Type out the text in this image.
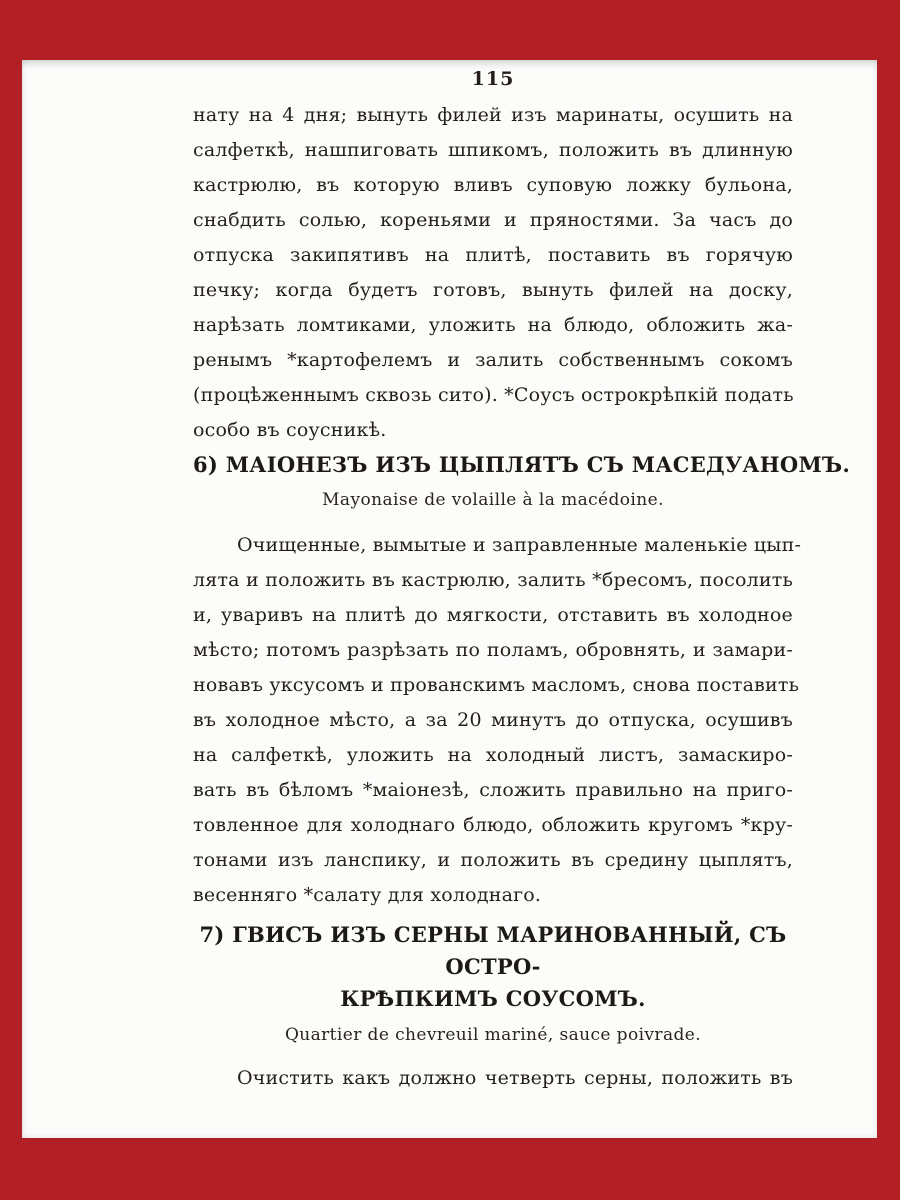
115
нату на 4 дня; вынуть филей изъ маринаты, осушить на
салфеткѣ, нашпиговать шпикомъ, положить въ длинную
кастрюлю, въ которую вливъ суповую ложку бульона,
снабдить солью, кореньями и пряностями. За часъ до
отпуска закипятивъ на плитѣ, поставить въ горячую
печку; когда будетъ готовъ, вынуть филей на доску,
нарѣзать ломтиками, уложить на блюдо, обложить жа-
ренымъ *картофелемъ и залить собственнымъ сокомъ
(процѣженнымъ сквозь сито). *Соусъ острокрѣпкій подать
особо въ соусникѣ.
6) МАІОНЕЗЪ ИЗЪ ЦЫПЛЯТЪ СЪ МАСЕДУАНОМЪ.
Mayonaise de volaille à la macédoine.
Очищенные, вымытые и заправленные маленькіе цып-
лята и положить въ кастрюлю, залить *бресомъ, посолить
и, уваривъ на плитѣ до мягкости, отставить въ холодное
мѣсто; потомъ разрѣзать по поламъ, обровнять, и замари-
новавъ уксусомъ и прованскимъ масломъ, снова поставить
въ холодное мѣсто, а за 20 минутъ до отпуска, осушивъ
на салфеткѣ, уложить на холодный листъ, замаскиро-
вать въ бѣломъ *маіонезѣ, сложить правильно на приго-
товленное для холоднаго блюдо, обложить кругомъ *кру-
тонами изъ ланспику, и положить въ средину цыплятъ,
весенняго *салату для холоднаго.
7) ГВИСЪ ИЗЪ СЕРНЫ МАРИНОВАННЫЙ, СЪ ОСТРО-
КРѢПКИМЪ СОУСОМЪ.
Quartier de chevreuil mariné, sauce poivrade.
Очистить какъ должно четверть серны, положить въ
